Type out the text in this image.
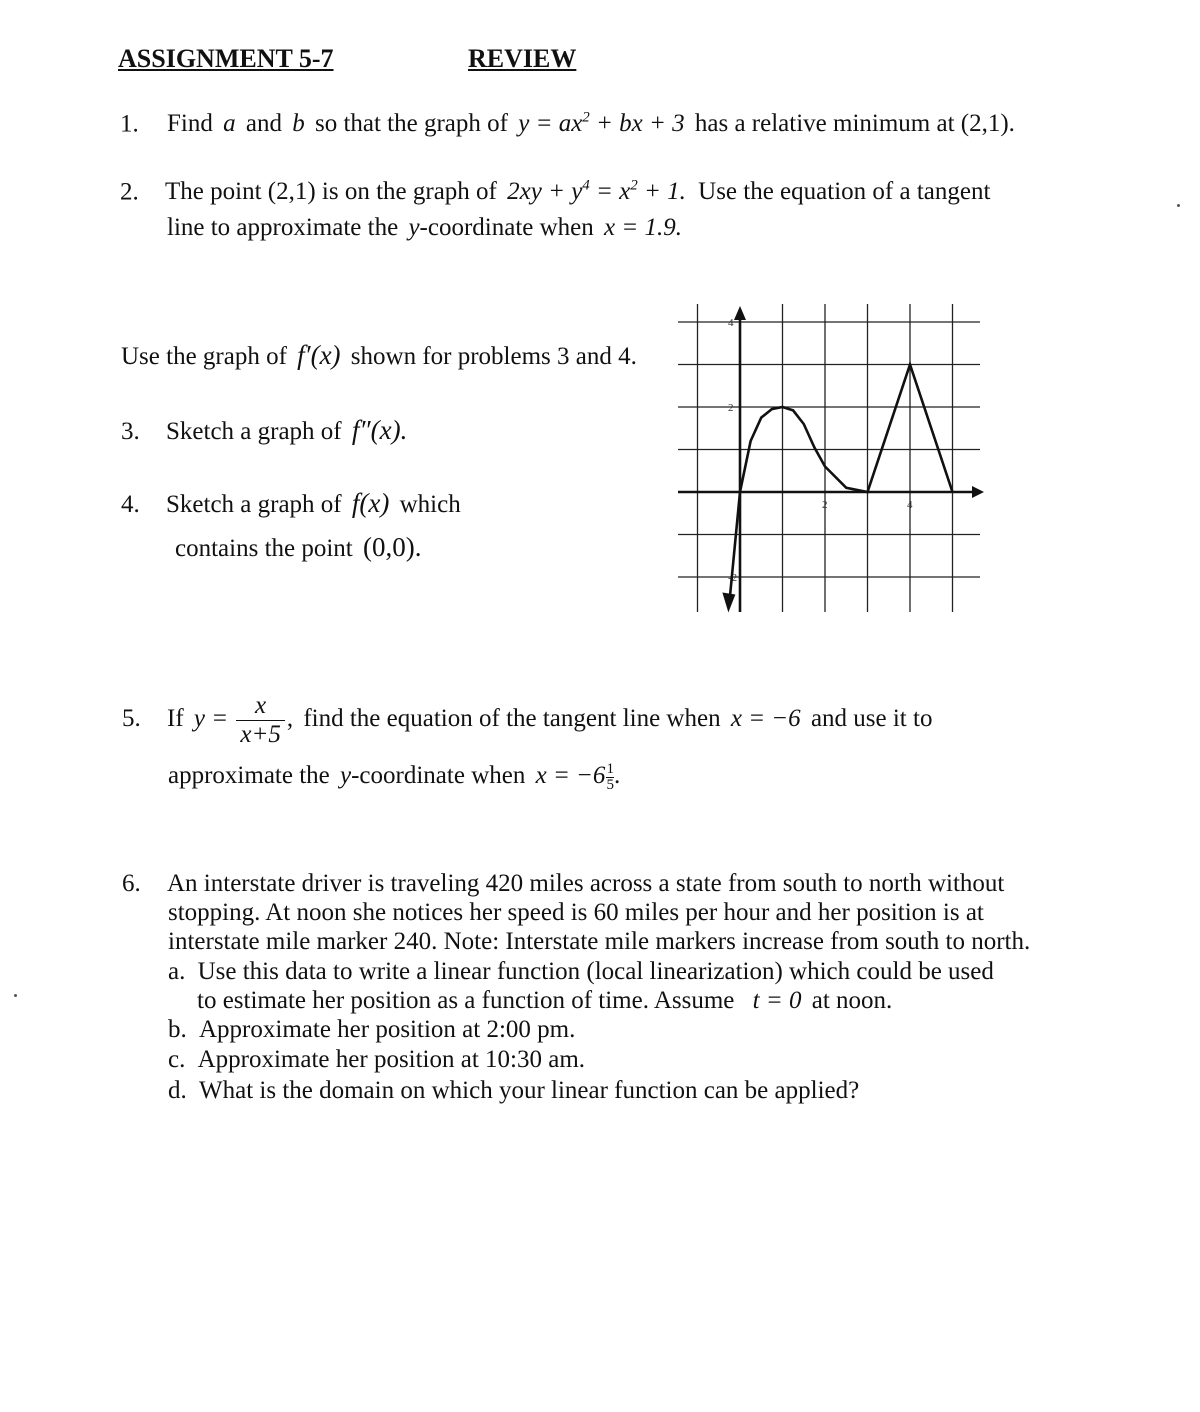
ASSIGNMENT 5-7	REVIEW
1. Find a and b so that the graph of $y = ax^2$ + bx + 3 has a relative minimum at (2,1).
2. The point (2,1) is on the graph of $2xy + y^4 = x^2 + 1$. Use the equation of a tangent
line to approximate the y-coordinate when x = 1.9.
Use the graph of f′(x) shown for problems 3 and 4.
3. Sketch a graph of f″(x).
4. Sketch a graph of f(x) which
contains the point (0,0).
2	4
4
2
-2
5. If $y = \frac{x}{x+5}$ , find the equation of the tangent line when x = −6 and use it to
approximate the y-coordinate when $x = -6 \frac{1}{5}$ .
6. An interstate driver is traveling 420 miles across a state from south to north without
stopping. At noon she notices her speed is 60 miles per hour and her position is at
interstate mile marker 240. Note: Interstate mile markers increase from south to north.
a. Use this data to write a linear function (local linearization) which could be used
to estimate her position as a function of time. Assume t = 0 at noon.
b. Approximate her position at 2:00 pm.
c. Approximate her position at 10:30 am.
d. What is the domain on which your linear function can be applied?
